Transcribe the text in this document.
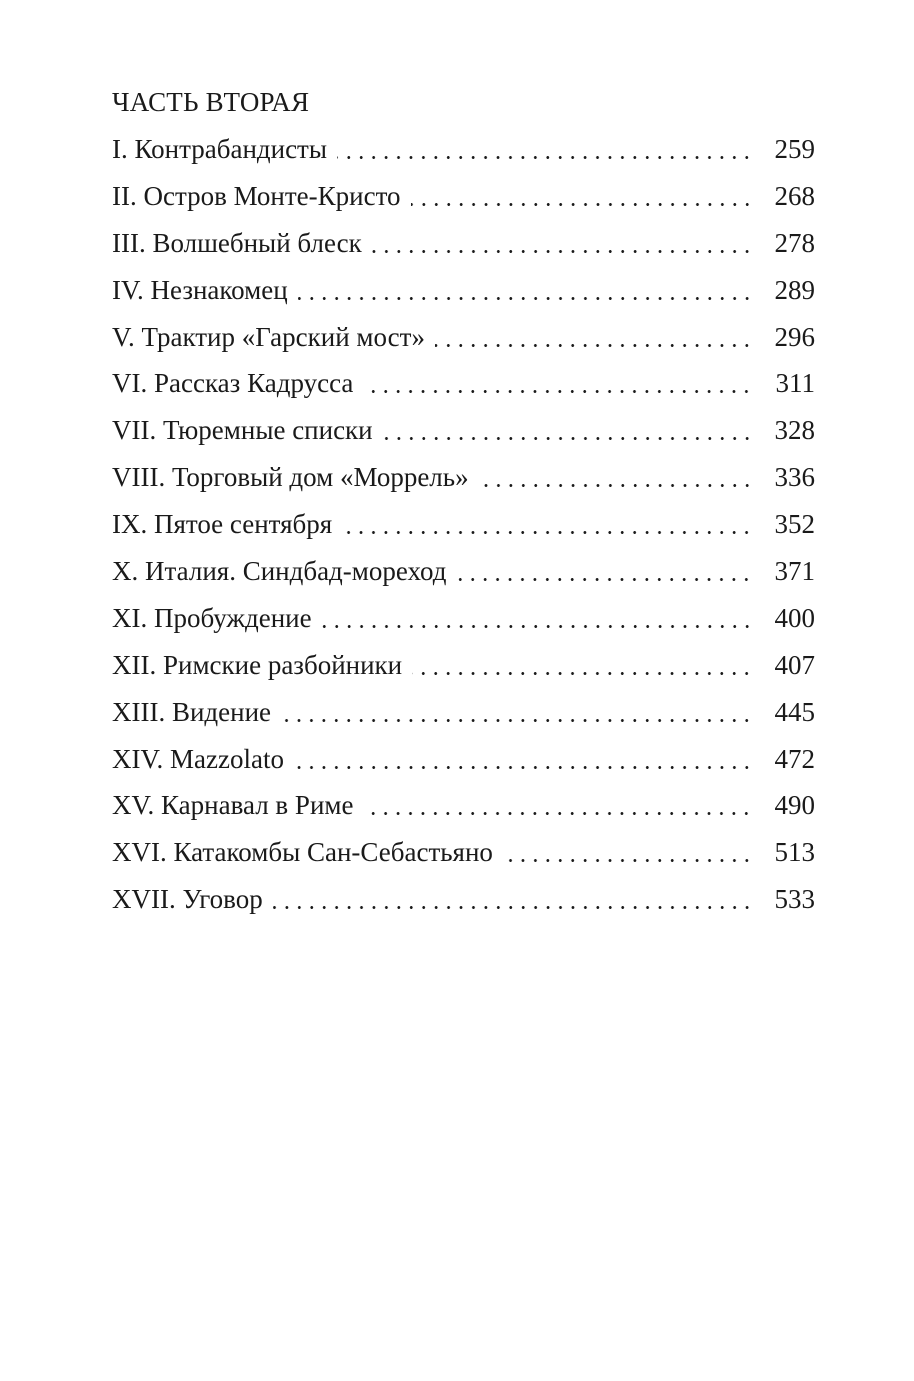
ЧАСТЬ ВТОРАЯ
I. Контрабандисты	259
II. Остров Монте-Кристо	268
III. Волшебный блеск	278
IV. Незнакомец	289
V. Трактир «Гарский мост»	296
VI. Рассказ Кадрусса	311
VII. Тюремные списки	328
VIII. Торговый дом «Моррель»	336
IX. Пятое сентября	352
X. Италия. Синдбад-мореход	371
XI. Пробуждение	400
XII. Римские разбойники	407
XIII. Видение	445
XIV. Mazzolato	472
XV. Карнавал в Риме	490
XVI. Катакомбы Сан-Себастьяно	513
XVII. Уговор	533
